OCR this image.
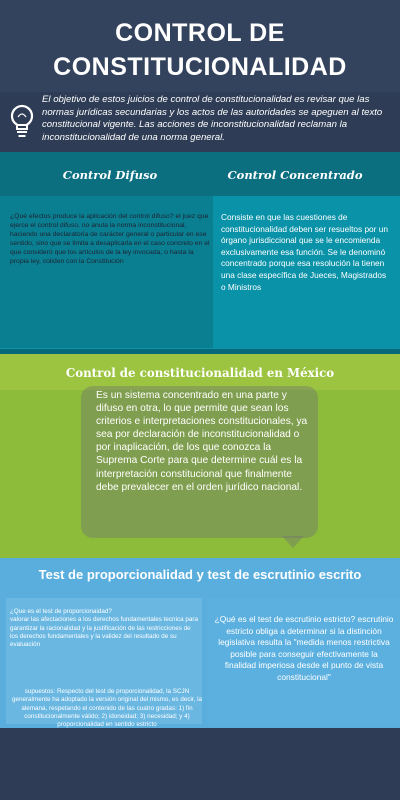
CONTROL DE
CONSTITUCIONALIDAD
El objetivo de estos juicios de control de constitucionalidad es revisar que las normas jurídicas secundarias y los actos de las autoridades se apeguen al texto constitucional vigente. Las acciones de inconstitucionalidad reclaman la inconstitucionalidad de una norma general.
Control Difuso	Control Concentrado
¿Qué efectos produce la aplicación del control difuso? el juez que ejerce el control difuso, no anula la norma inconstitucional, haciendo una declaratoria de carácter general o particular en ese sentido, sino que se limita a desaplicarla en el caso concreto en el que consideró que los artículos de la ley invocada, o hasta la propia ley, coliden con la Constitución
Consiste en que las cuestiones de constitucionalidad deben ser resueltos por un órgano jurisdiccional que se le encomienda exclusivamente esa función. Se le denominó concentrado porque esa resolución la tienen una clase específica de Jueces, Magistrados o Ministros
Control de constitucionalidad en México
Es un sistema concentrado en una parte y difuso en otra, lo que permite que sean los criterios e interpretaciones constitucionales, ya sea por declaración de inconstitucionalidad o por inaplicación, de los que conozca la Suprema Corte para que determine cuál es la interpretación constitucional que finalmente debe prevalecer en el orden jurídico nacional.
Test de proporcionalidad y test de escrutinio escrito
¿Que es el test de proporcionaidad?
valorar las afectaciones a los derechos fundamentales tecnica para garantizar la racionalidad y la justificación de las restricciones de los derechos fundamentales y la validez del resultado de su evaluación
supuestos: Respecto del test de proporcionalidad, la SCJN generalmente ha adoptado la versión original del mismo, es decir, la alemana, respetando el contenido de las cuatro gradas: 1) fin constitucionalmente válido; 2) idoneidad; 3) necesidad; y 4) proporcionalidad en sentido estricto
¿Qué es el test de escrutinio estricto? escrutinio estricto obliga a determinar si la distinción legislativa resulta la "medida menos restrictiva posible para conseguir efectivamente la finalidad imperiosa desde el punto de vista constitucional"
